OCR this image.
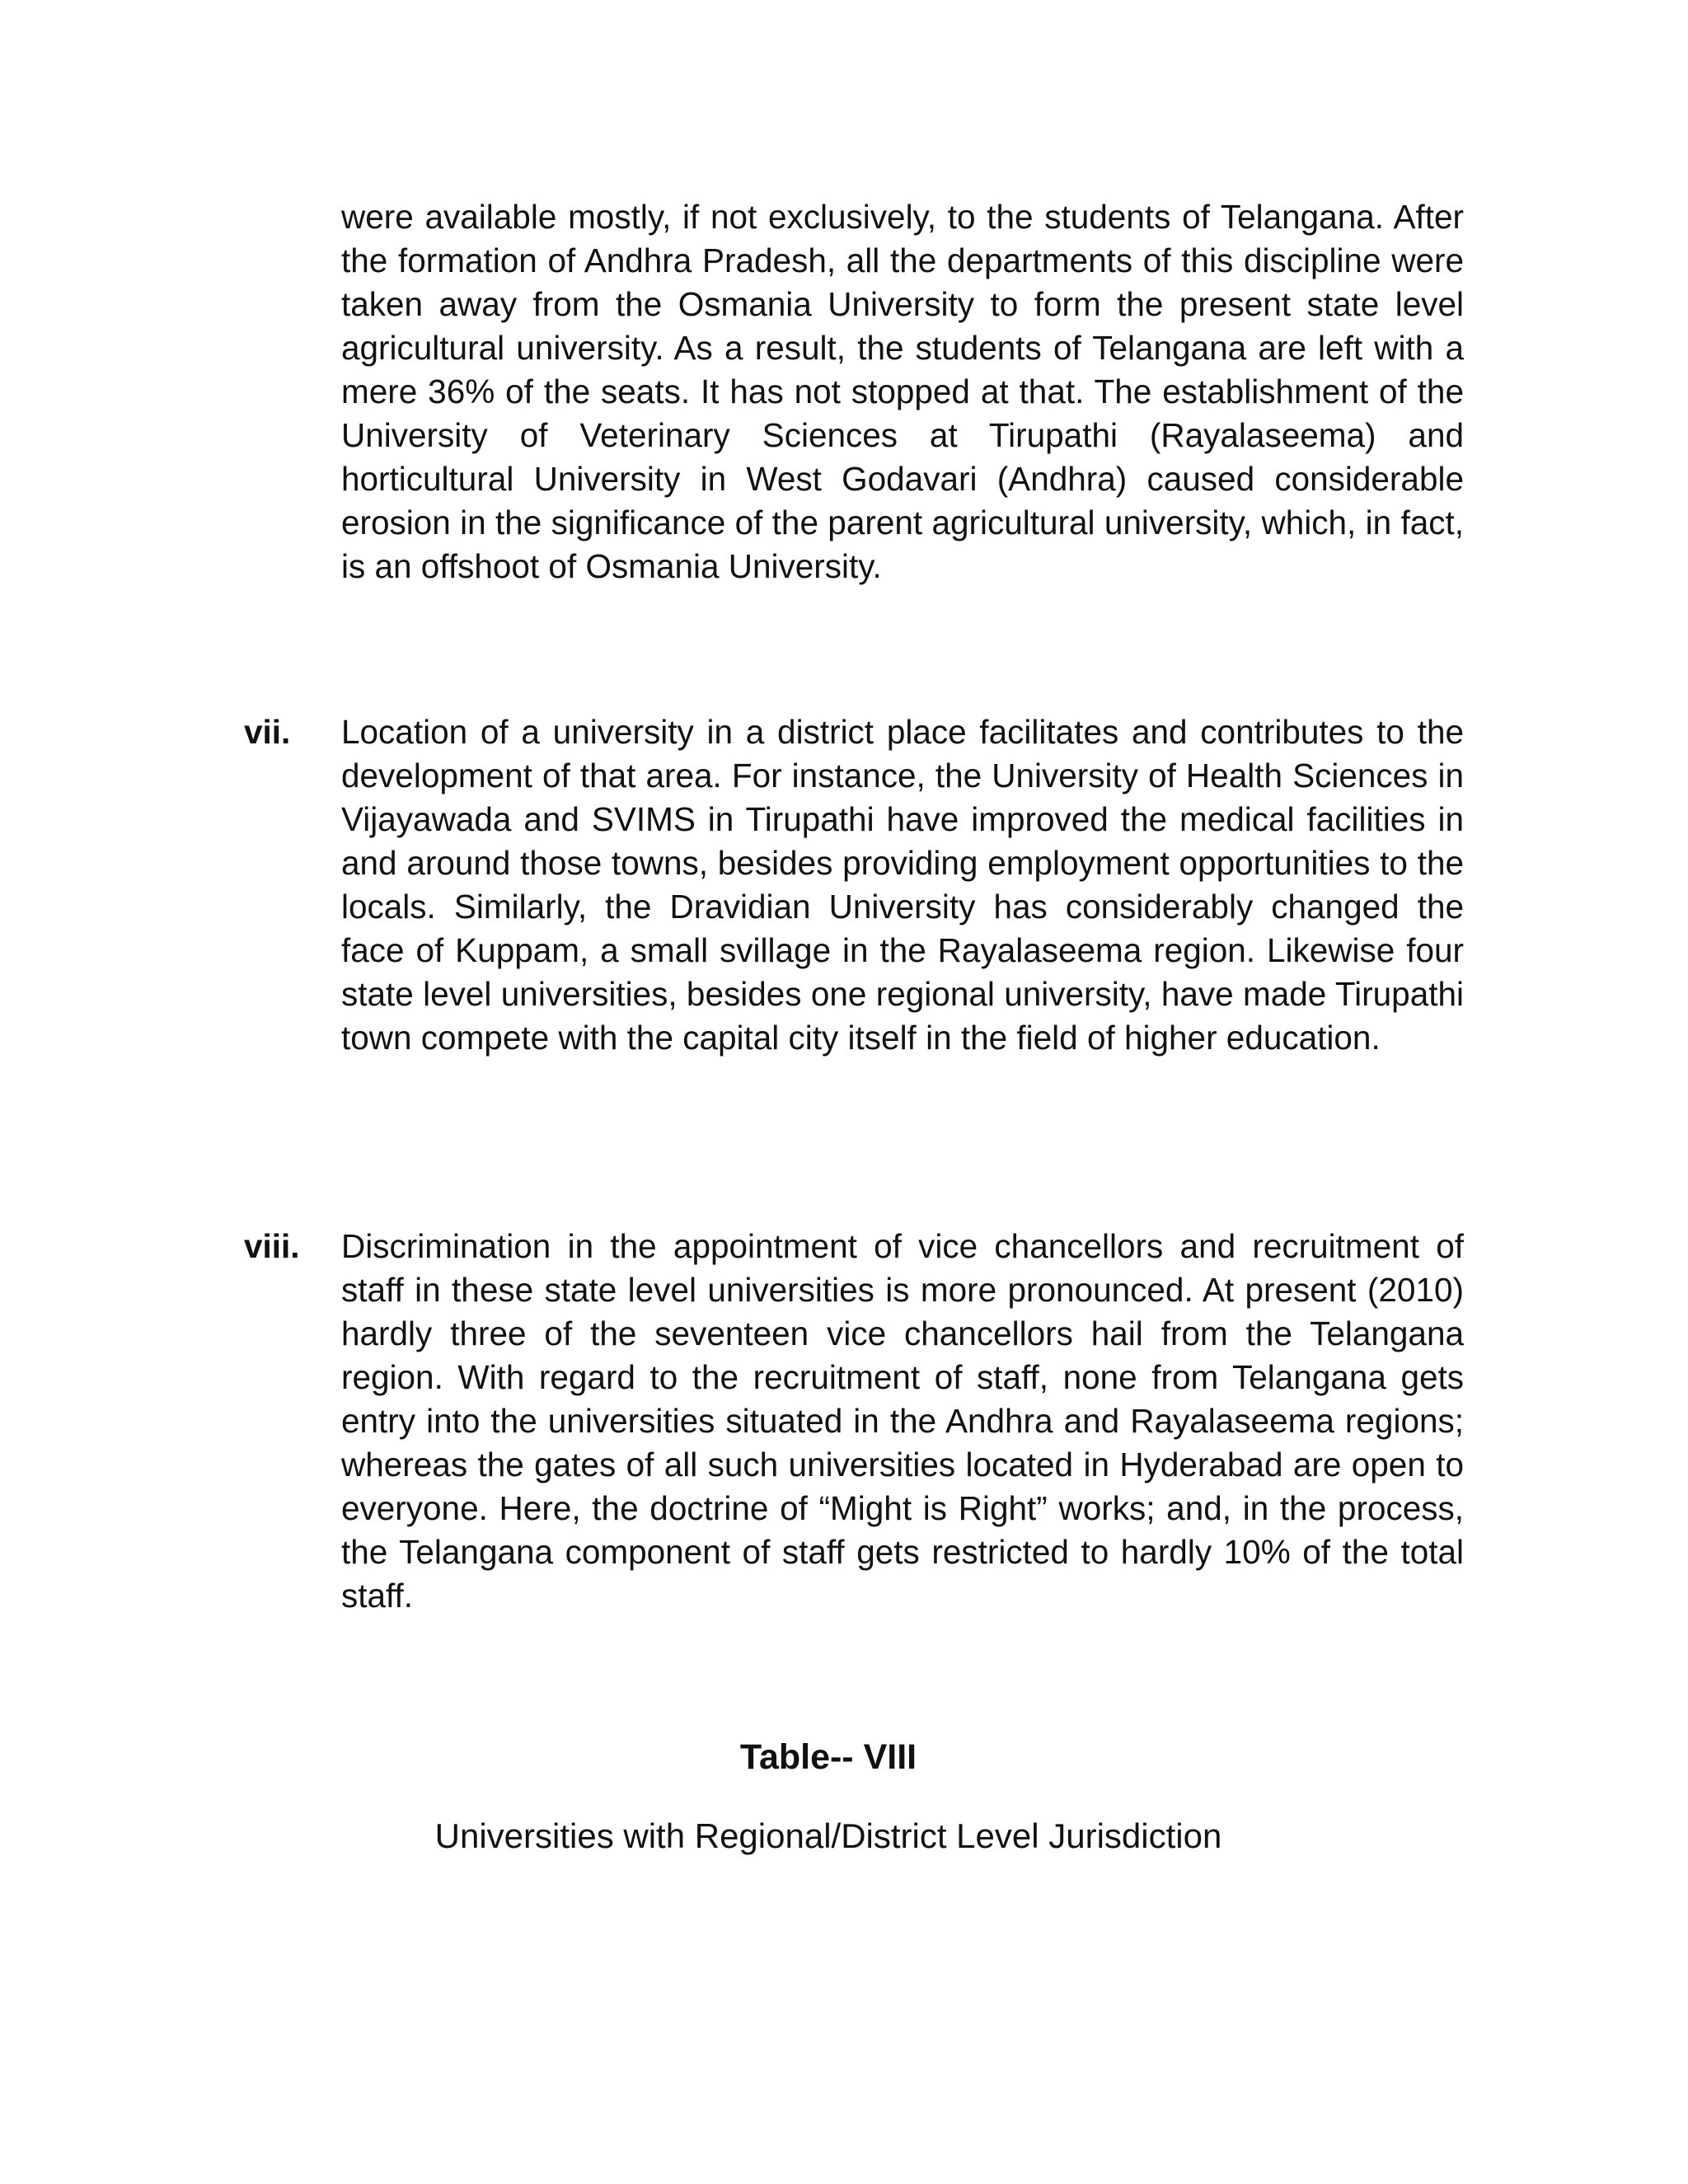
were available mostly, if not exclusively, to the students of Telangana. After the formation of Andhra Pradesh, all the departments of this discipline were taken away from the Osmania University to form the present state level agricultural university. As a result, the students of Telangana are left with a mere 36% of the seats. It has not stopped at that. The establishment of the University of Veterinary Sciences at Tirupathi (Rayalaseema) and horticultural University in West Godavari (Andhra) caused considerable erosion in the significance of the parent agricultural university, which, in fact, is an offshoot of Osmania University.

vii. Location of a university in a district place facilitates and contributes to the development of that area. For instance, the University of Health Sciences in Vijayawada and SVIMS in Tirupathi have improved the medical facilities in and around those towns, besides providing employment opportunities to the locals. Similarly, the Dravidian University has considerably changed the face of Kuppam, a small svillage in the Rayalaseema region. Likewise four state level universities, besides one regional university, have made Tirupathi town compete with the capital city itself in the field of higher education.

viii. Discrimination in the appointment of vice chancellors and recruitment of staff in these state level universities is more pronounced. At present (2010) hardly three of the seventeen vice chancellors hail from the Telangana region. With regard to the recruitment of staff, none from Telangana gets entry into the universities situated in the Andhra and Rayalaseema regions; whereas the gates of all such universities located in Hyderabad are open to everyone. Here, the doctrine of “Might is Right” works; and, in the process, the Telangana component of staff gets restricted to hardly 10% of the total staff.

Table-- VIII

Universities with Regional/District Level Jurisdiction
